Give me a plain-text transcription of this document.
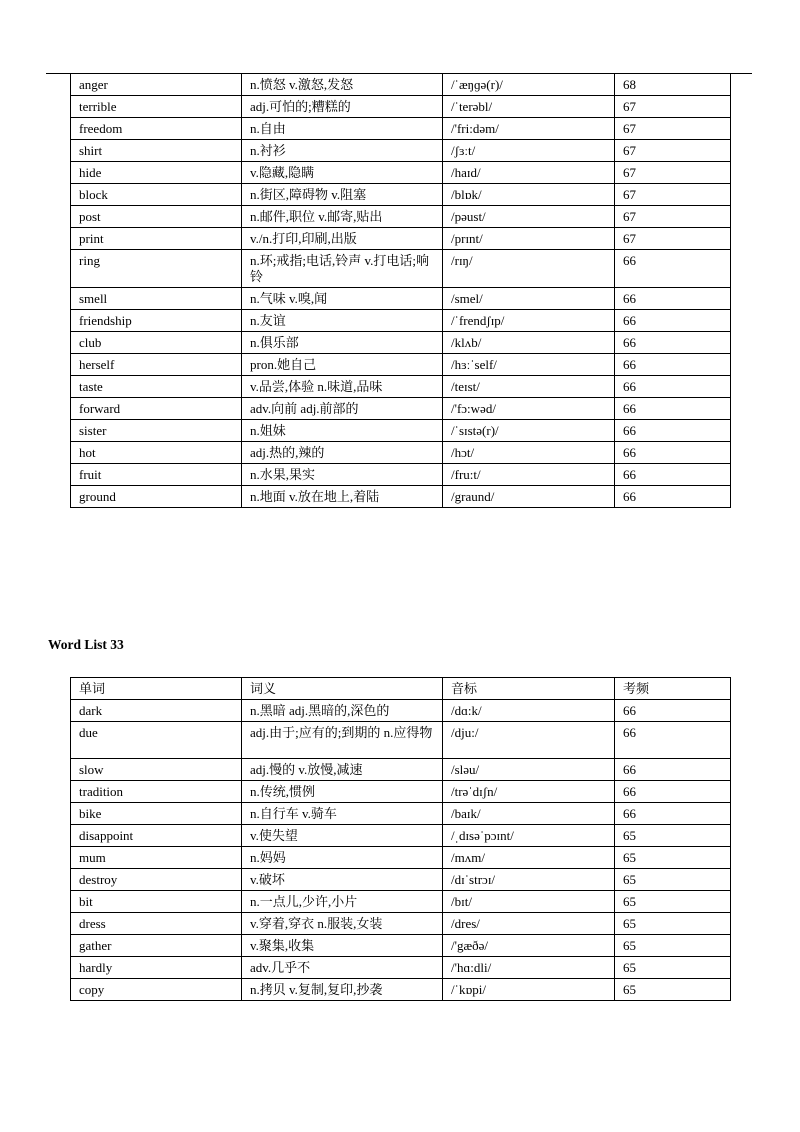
anger	n.愤怒 v.激怒,发怒	/ˈæŋɡə(r)/	68
terrible	adj.可怕的;糟糕的	/ˈterəbl/	67
freedom	n.自由	/'fri:dəm/	67
shirt	n.衬衫	/ʃɜːt/	67
hide	v.隐藏,隐瞒	/haɪd/	67
block	n.街区,障碍物 v.阻塞	/blɒk/	67
post	n.邮件,职位 v.邮寄,贴出	/pəust/	67
print	v./n.打印,印刷,出版	/prɪnt/	67
ring	n.环;戒指;电话,铃声 v.打电话;响铃	/rɪŋ/	66
smell	n.气味 v.嗅,闻	/smel/	66
friendship	n.友谊	/ˈfrendʃɪp/	66
club	n.俱乐部	/klʌb/	66
herself	pron.她自己	/hɜːˈself/	66
taste	v.品尝,体验 n.味道,品味	/teɪst/	66
forward	adv.向前 adj.前部的	/'fɔ:wəd/	66
sister	n.姐妹	/ˈsɪstə(r)/	66
hot	adj.热的,辣的	/hɔt/	66
fruit	n.水果,果实	/fru:t/	66
ground	n.地面 v.放在地上,着陆	/graund/	66
Word List 33
单词	词义	音标	考频
dark	n.黑暗 adj.黑暗的,深色的	/dɑ:k/	66
due	adj.由于;应有的;到期的 n.应得物	/dju:/	66
slow	adj.慢的 v.放慢,减速	/sləu/	66
tradition	n.传统,惯例	/trəˈdɪʃn/	66
bike	n.自行车 v.骑车	/baɪk/	66
disappoint	v.使失望	/ˌdɪsəˈpɔɪnt/	65
mum	n.妈妈	/mʌm/	65
destroy	v.破坏	/dɪˈstrɔɪ/	65
bit	n.一点儿,少许,小片	/bɪt/	65
dress	v.穿着,穿衣 n.服装,女装	/dres/	65
gather	v.聚集,收集	/'gæðə/	65
hardly	adv.几乎不	/'hɑ:dli/	65
copy	n.拷贝 v.复制,复印,抄袭	/ˈkɒpi/	65
